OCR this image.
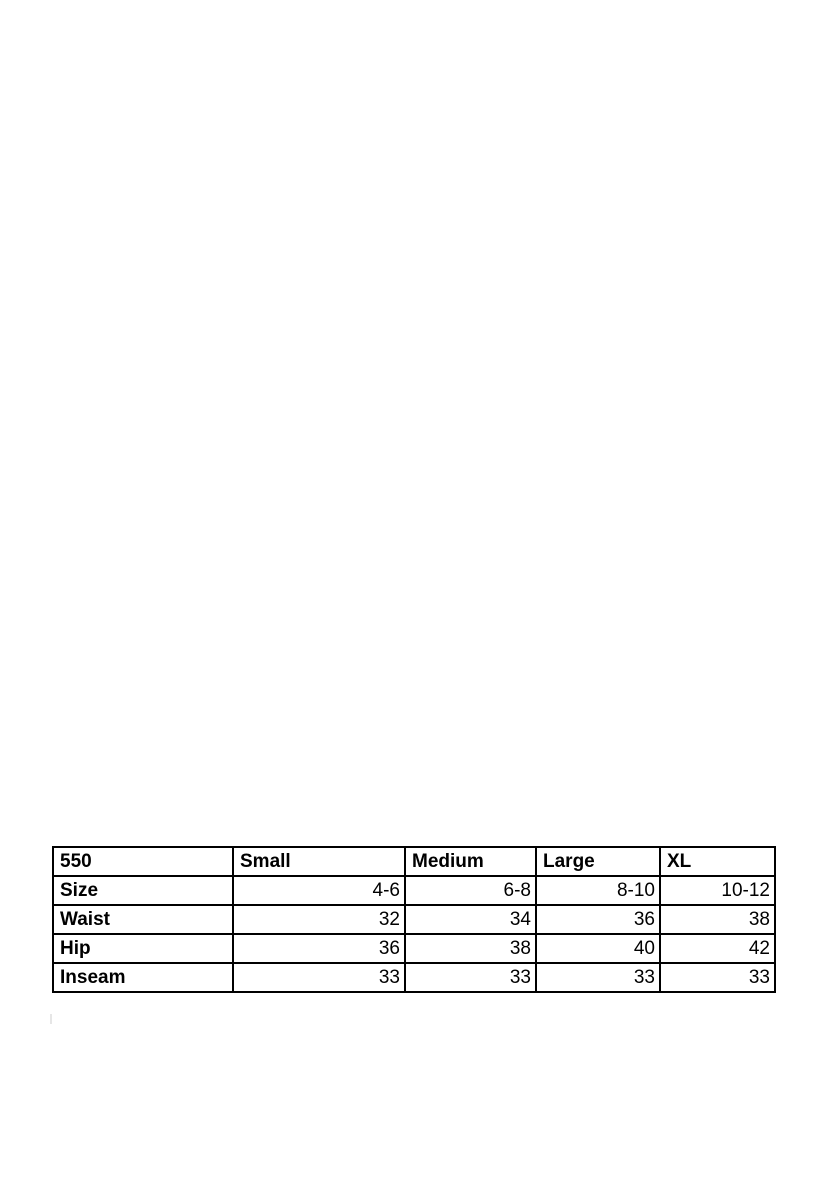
550	Small	Medium	Large	XL
Size	4-6	6-8	8-10	10-12
Waist	32	34	36	38
Hip	36	38	40	42
Inseam	33	33	33	33
